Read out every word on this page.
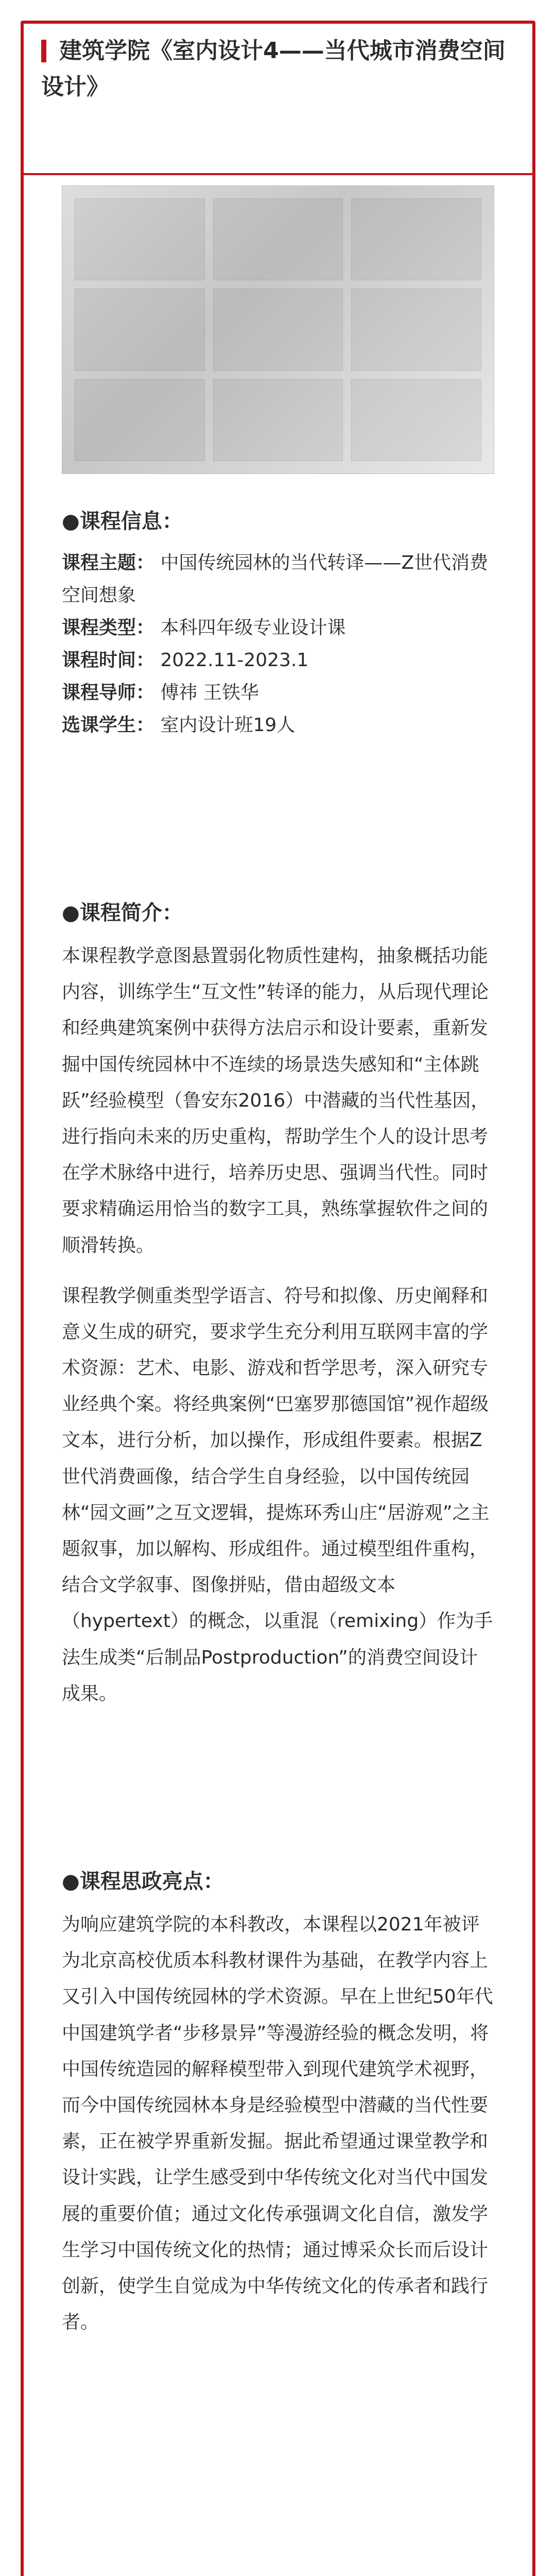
建筑学院《室内设计4——当代城市消费空间设计》
●课程信息：
课程主题： 中国传统园林的当代转译——Z世代消费空间想象
课程类型： 本科四年级专业设计课
课程时间： 2022.11-2023.1
课程导师： 傅祎 王铁华
选课学生： 室内设计班19人
●课程简介：

本课程教学意图悬置弱化物质性建构，抽象概括功能内容，训练学生“互文性”转译的能力，从后现代理论和经典建筑案例中获得方法启示和设计要素，重新发掘中国传统园林中不连续的场景迭失感知和“主体跳跃”经验模型（鲁安东2016）中潜藏的当代性基因，进行指向未来的历史重构，帮助学生个人的设计思考在学术脉络中进行，培养历史思、强调当代性。同时要求精确运用恰当的数字工具，熟练掌握软件之间的顺滑转换。

课程教学侧重类型学语言、符号和拟像、历史阐释和意义生成的研究，要求学生充分利用互联网丰富的学术资源：艺术、电影、游戏和哲学思考，深入研究专业经典个案。将经典案例“巴塞罗那德国馆”视作超级文本，进行分析，加以操作，形成组件要素。根据Z世代消费画像，结合学生自身经验，以中国传统园林“园文画”之互文逻辑，提炼环秀山庄“居游观”之主题叙事，加以解构、形成组件。通过模型组件重构，结合文学叙事、图像拼贴，借由超级文本（hypertext）的概念，以重混（remixing）作为手法生成类“后制品Postproduction”的消费空间设计成果。

●课程思政亮点：

为响应建筑学院的本科教改，本课程以2021年被评为北京高校优质本科教材课件为基础，在教学内容上又引入中国传统园林的学术资源。早在上世纪50年代中国建筑学者“步移景异”等漫游经验的概念发明，将中国传统造园的解释模型带入到现代建筑学术视野，而今中国传统园林本身是经验模型中潜藏的当代性要素，正在被学界重新发掘。据此希望通过课堂教学和设计实践，让学生感受到中华传统文化对当代中国发展的重要价值；通过文化传承强调文化自信，激发学生学习中国传统文化的热情；通过博采众长而后设计创新，使学生自觉成为中华传统文化的传承者和践行者。
